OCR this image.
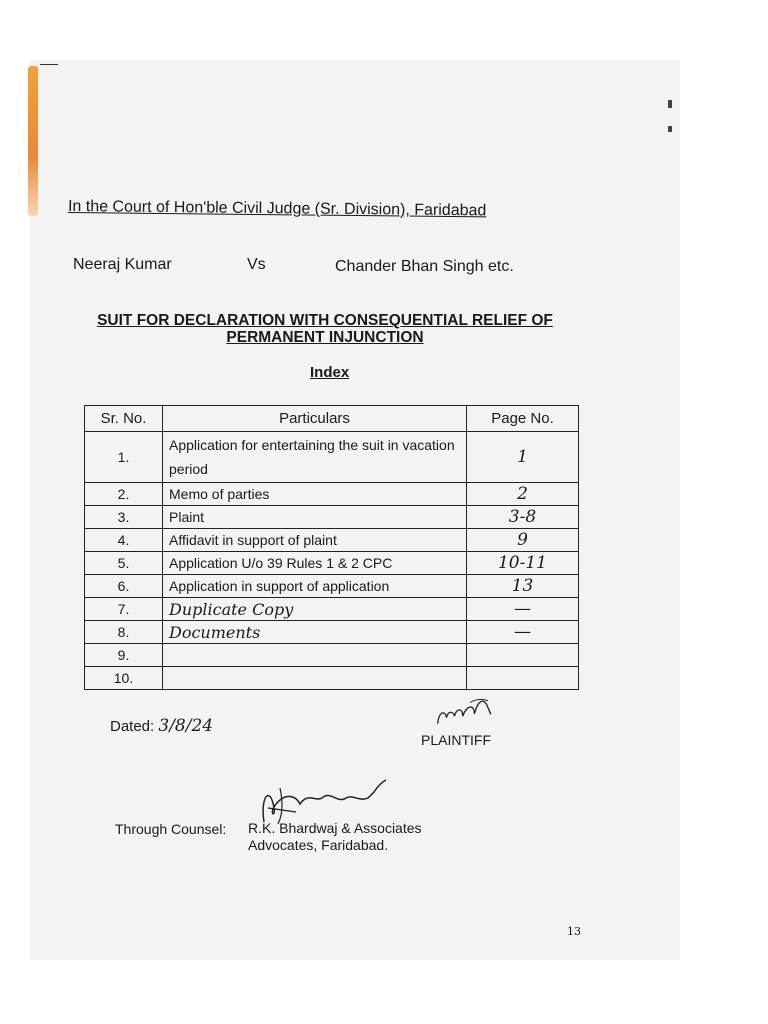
In the Court of Hon'ble Civil Judge (Sr. Division), Faridabad
Neeraj Kumar	Vs	Chander Bhan Singh etc.
SUIT FOR DECLARATION WITH CONSEQUENTIAL RELIEF OF
PERMANENT INJUNCTION
Index
Sr. No.	Particulars	Page No.
1.	Application for entertaining the suit in vacation period	1
2.	Memo of parties	2
3.	Plaint	3-8
4.	Affidavit in support of plaint	9
5.	Application U/o 39 Rules 1 & 2 CPC	10-11
6.	Application in support of application	13
7.	Duplicate Copy	—
8.	Documents	—
9.		
10.		
Dated: 3/8/24
PLAINTIFF
Through Counsel: R.K. Bhardwaj & Associates
Advocates, Faridabad.
13
